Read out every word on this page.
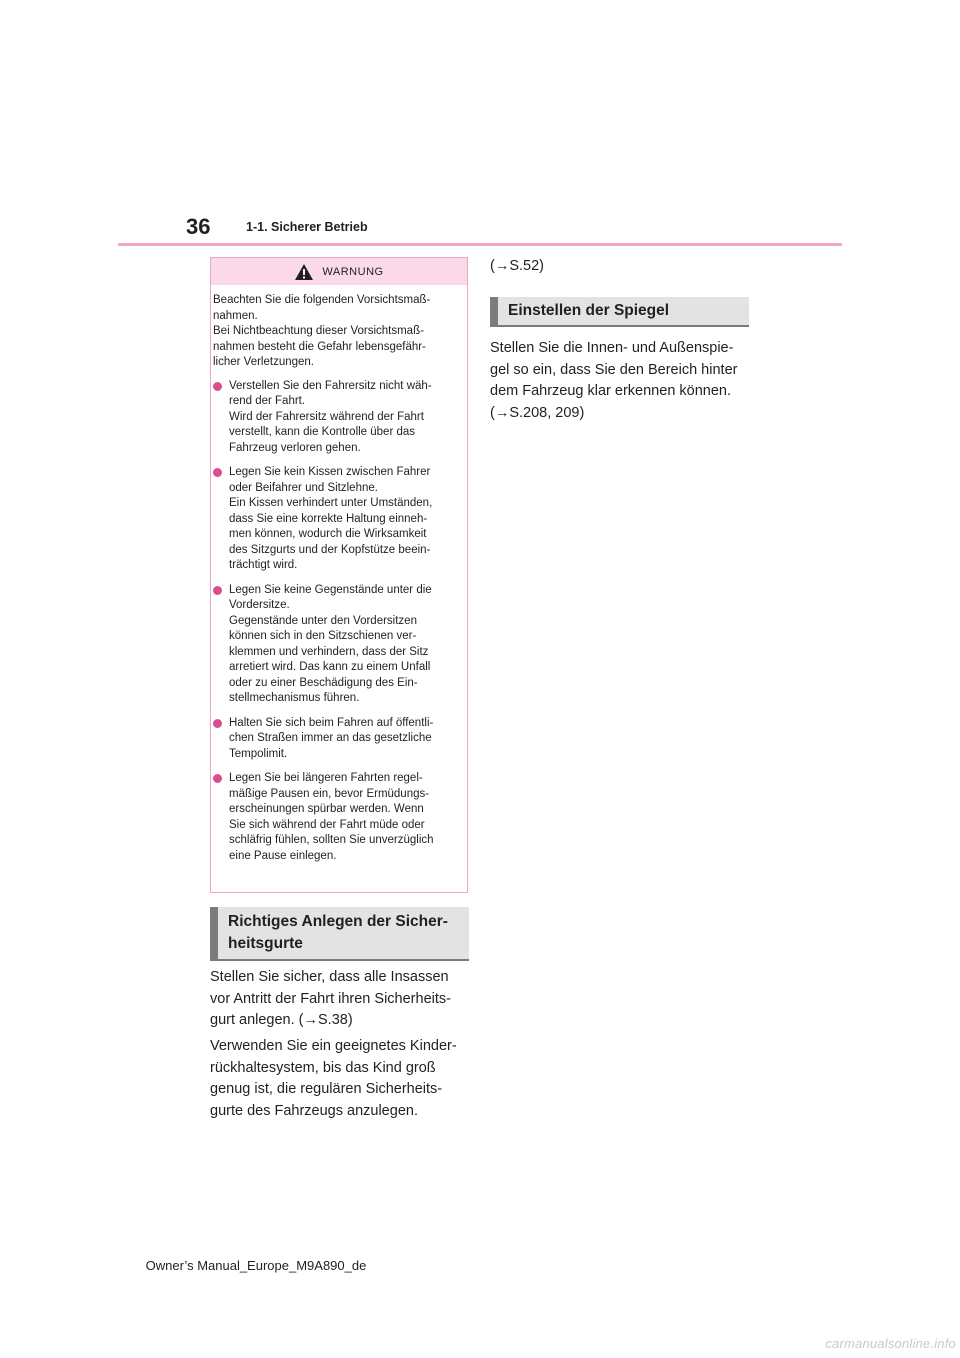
36	1-1. Sicherer Betrieb
WARNUNG

Beachten Sie die folgenden Vorsichtsmaß-
nahmen.
Bei Nichtbeachtung dieser Vorsichtsmaß-
nahmen besteht die Gefahr lebensgefähr-
licher Verletzungen.

Verstellen Sie den Fahrersitz nicht wäh-
rend der Fahrt.
Wird der Fahrersitz während der Fahrt
verstellt, kann die Kontrolle über das
Fahrzeug verloren gehen.
Legen Sie kein Kissen zwischen Fahrer
oder Beifahrer und Sitzlehne.
Ein Kissen verhindert unter Umständen,
dass Sie eine korrekte Haltung einneh-
men können, wodurch die Wirksamkeit
des Sitzgurts und der Kopfstütze beein-
trächtigt wird.
Legen Sie keine Gegenstände unter die
Vordersitze.
Gegenstände unter den Vordersitzen
können sich in den Sitzschienen ver-
klemmen und verhindern, dass der Sitz
arretiert wird. Das kann zu einem Unfall
oder zu einer Beschädigung des Ein-
stellmechanismus führen.
Halten Sie sich beim Fahren auf öffentli-
chen Straßen immer an das gesetzliche
Tempolimit.
Legen Sie bei längeren Fahrten regel-
mäßige Pausen ein, bevor Ermüdungs-
erscheinungen spürbar werden. Wenn
Sie sich während der Fahrt müde oder
schläfrig fühlen, sollten Sie unverzüglich
eine Pause einlegen.
Richtiges Anlegen der Sicher-
heitsgurte

Stellen Sie sicher, dass alle Insassen
vor Antritt der Fahrt ihren Sicherheits-
gurt anlegen. (→S.38)

Verwenden Sie ein geeignetes Kinder-
rückhaltesystem, bis das Kind groß
genug ist, die regulären Sicherheits-
gurte des Fahrzeugs anzulegen.

(→S.52)

Einstellen der Spiegel

Stellen Sie die Innen- und Außenspie-
gel so ein, dass Sie den Bereich hinter
dem Fahrzeug klar erkennen können.
(→S.208, 209)

Owner’s Manual_Europe_M9A890_de
carmanualsonline.info
